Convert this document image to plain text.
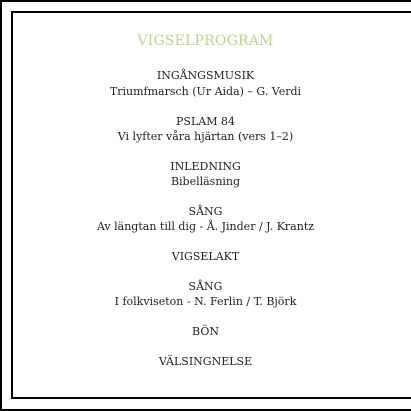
VIGSELPROGRAM
INGÅNGSMUSIK
Triumfmarsch (Ur Aida) – G. Verdi
PSLAM 84
Vi lyfter våra hjärtan (vers 1–2)
INLEDNING
Bibelläsning
SÅNG
Av längtan till dig - Å. Jinder / J. Krantz
VIGSELAKT
SÅNG
I folkviseton - N. Ferlin / T. Björk
BÖN
VÄLSINGNELSE
